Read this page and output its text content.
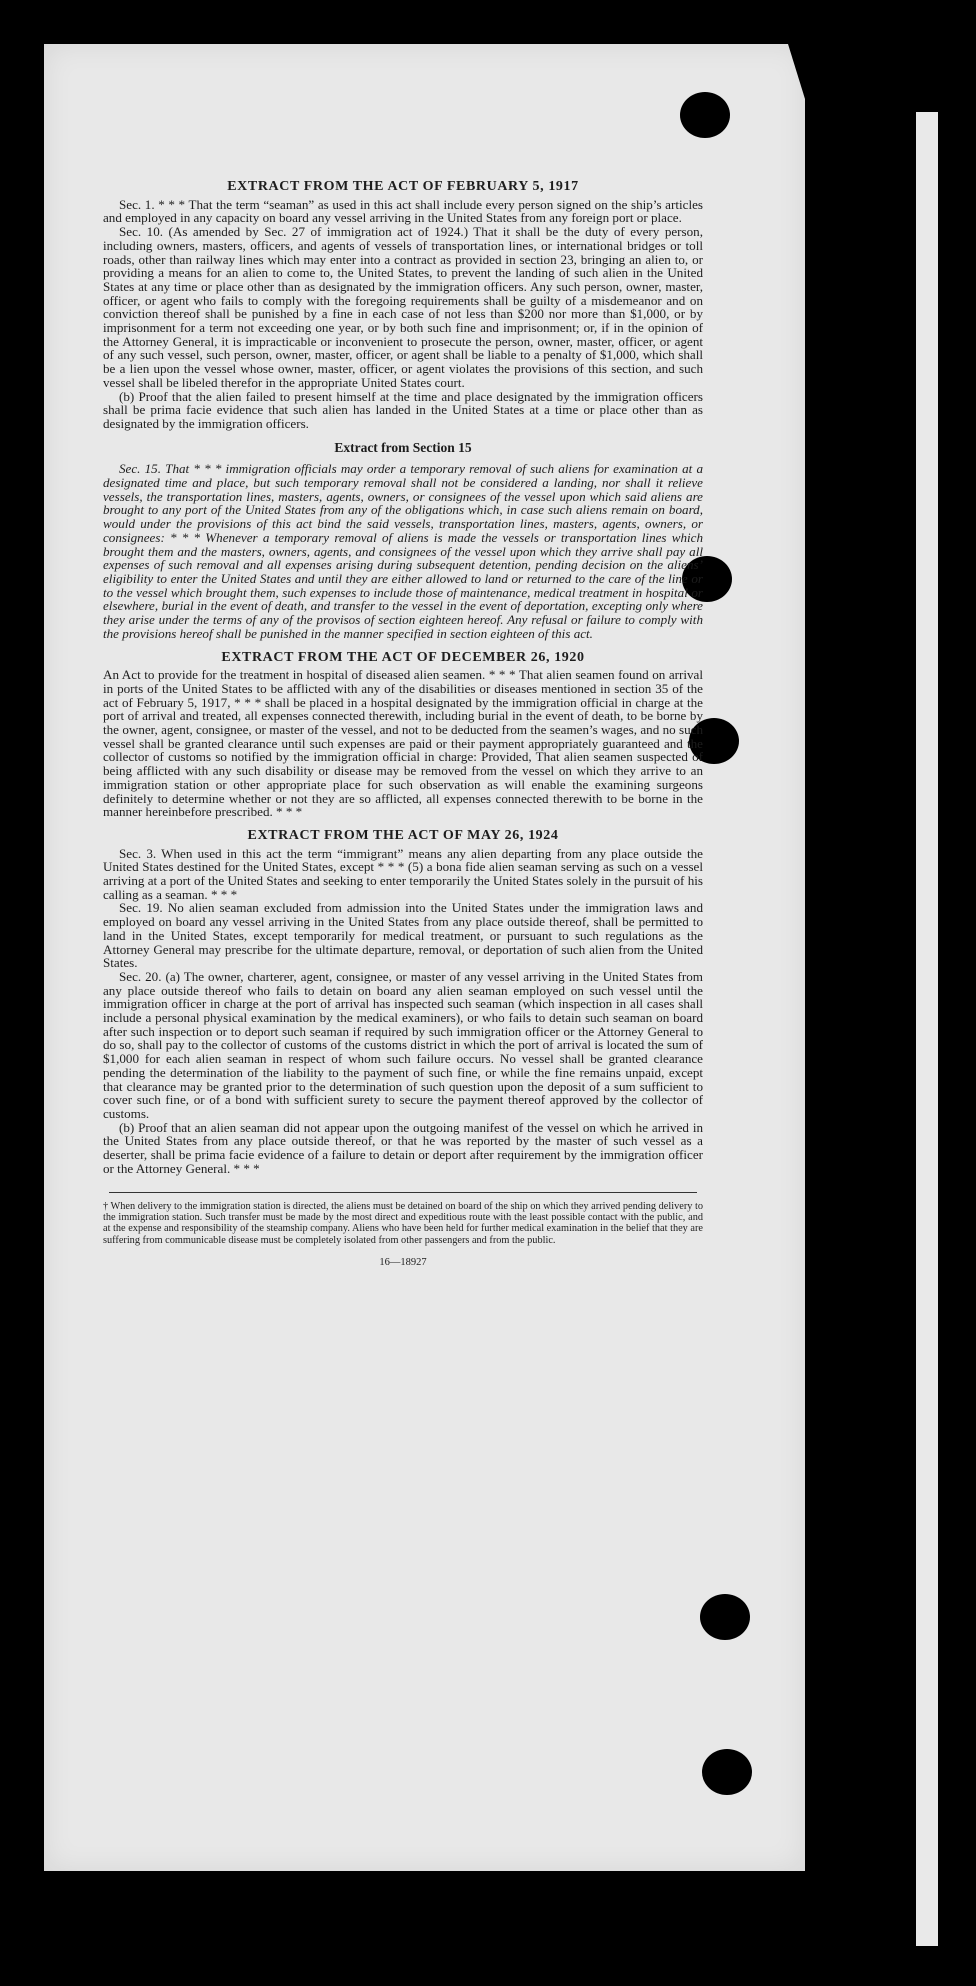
EXTRACT FROM THE ACT OF FEBRUARY 5, 1917

Sec. 1. * * * That the term “seaman” as used in this act shall include every person signed on the ship’s articles and employed in any capacity on board any vessel arriving in the United States from any foreign port or place.

Sec. 10. (As amended by Sec. 27 of immigration act of 1924.) That it shall be the duty of every person, including owners, masters, officers, and agents of vessels of transportation lines, or international bridges or toll roads, other than railway lines which may enter into a contract as provided in section 23, bringing an alien to, or providing a means for an alien to come to, the United States, to prevent the landing of such alien in the United States at any time or place other than as designated by the immigration officers. Any such person, owner, master, officer, or agent who fails to comply with the foregoing requirements shall be guilty of a misdemeanor and on conviction thereof shall be punished by a fine in each case of not less than $200 nor more than $1,000, or by imprisonment for a term not exceeding one year, or by both such fine and imprisonment; or, if in the opinion of the Attorney General, it is impracticable or inconvenient to prosecute the person, owner, master, officer, or agent of any such vessel, such person, owner, master, officer, or agent shall be liable to a penalty of $1,000, which shall be a lien upon the vessel whose owner, master, officer, or agent violates the provisions of this section, and such vessel shall be libeled therefor in the appropriate United States court.

(b) Proof that the alien failed to present himself at the time and place designated by the immigration officers shall be prima facie evidence that such alien has landed in the United States at a time or place other than as designated by the immigration officers.

Extract from Section 15

Sec. 15. That * * * immigration officials may order a temporary removal of such aliens for examination at a designated time and place, but such temporary removal shall not be considered a landing, nor shall it relieve vessels, the transportation lines, masters, agents, owners, or consignees of the vessel upon which said aliens are brought to any port of the United States from any of the obligations which, in case such aliens remain on board, would under the provisions of this act bind the said vessels, transportation lines, masters, agents, owners, or consignees: * * * Whenever a temporary removal of aliens is made the vessels or transportation lines which brought them and the masters, owners, agents, and consignees of the vessel upon which they arrive shall pay all expenses of such removal and all expenses arising during subsequent detention, pending decision on the aliens’ eligibility to enter the United States and until they are either allowed to land or returned to the care of the line or to the vessel which brought them, such expenses to include those of maintenance, medical treatment in hospital or elsewhere, burial in the event of death, and transfer to the vessel in the event of deportation, excepting only where they arise under the terms of any of the provisos of section eighteen hereof. Any refusal or failure to comply with the provisions hereof shall be punished in the manner specified in section eighteen of this act.

EXTRACT FROM THE ACT OF DECEMBER 26, 1920

An Act to provide for the treatment in hospital of diseased alien seamen. * * * That alien seamen found on arrival in ports of the United States to be afflicted with any of the disabilities or diseases mentioned in section 35 of the act of February 5, 1917, * * * shall be placed in a hospital designated by the immigration official in charge at the port of arrival and treated, all expenses connected therewith, including burial in the event of death, to be borne by the owner, agent, consignee, or master of the vessel, and not to be deducted from the seamen’s wages, and no such vessel shall be granted clearance until such expenses are paid or their payment appropriately guaranteed and the collector of customs so notified by the immigration official in charge: Provided, That alien seamen suspected of being afflicted with any such disability or disease may be removed from the vessel on which they arrive to an immigration station or other appropriate place for such observation as will enable the examining surgeons definitely to determine whether or not they are so afflicted, all expenses connected therewith to be borne in the manner hereinbefore prescribed. * * *

EXTRACT FROM THE ACT OF MAY 26, 1924

Sec. 3. When used in this act the term “immigrant” means any alien departing from any place outside the United States destined for the United States, except * * * (5) a bona fide alien seaman serving as such on a vessel arriving at a port of the United States and seeking to enter temporarily the United States solely in the pursuit of his calling as a seaman. * * *

Sec. 19. No alien seaman excluded from admission into the United States under the immigration laws and employed on board any vessel arriving in the United States from any place outside thereof, shall be permitted to land in the United States, except temporarily for medical treatment, or pursuant to such regulations as the Attorney General may prescribe for the ultimate departure, removal, or deportation of such alien from the United States.

Sec. 20. (a) The owner, charterer, agent, consignee, or master of any vessel arriving in the United States from any place outside thereof who fails to detain on board any alien seaman employed on such vessel until the immigration officer in charge at the port of arrival has inspected such seaman (which inspection in all cases shall include a personal physical examination by the medical examiners), or who fails to detain such seaman on board after such inspection or to deport such seaman if required by such immigration officer or the Attorney General to do so, shall pay to the collector of customs of the customs district in which the port of arrival is located the sum of $1,000 for each alien seaman in respect of whom such failure occurs. No vessel shall be granted clearance pending the determination of the liability to the payment of such fine, or while the fine remains unpaid, except that clearance may be granted prior to the determination of such question upon the deposit of a sum sufficient to cover such fine, or of a bond with sufficient surety to secure the payment thereof approved by the collector of customs.

(b) Proof that an alien seaman did not appear upon the outgoing manifest of the vessel on which he arrived in the United States from any place outside thereof, or that he was reported by the master of such vessel as a deserter, shall be prima facie evidence of a failure to detain or deport after requirement by the immigration officer or the Attorney General. * * *

† When delivery to the immigration station is directed, the aliens must be detained on board of the ship on which they arrived pending delivery to the immigration station. Such transfer must be made by the most direct and expeditious route with the least possible contact with the public, and at the expense and responsibility of the steamship company. Aliens who have been held for further medical examination in the belief that they are suffering from communicable disease must be completely isolated from other passengers and from the public.
16—18927
